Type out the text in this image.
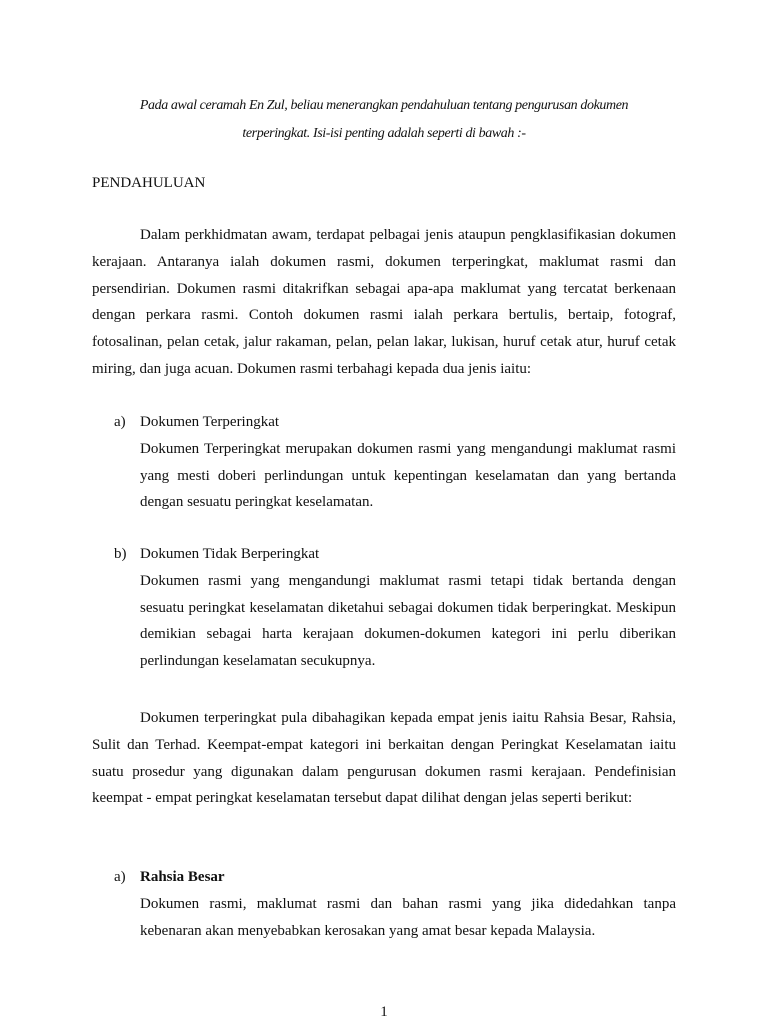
Pada awal ceramah En Zul, beliau menerangkan pendahuluan tentang pengurusan dokumen

terperingkat. Isi-isi penting adalah seperti di bawah :-

PENDAHULUAN

Dalam perkhidmatan awam, terdapat pelbagai jenis ataupun pengklasifikasian dokumen kerajaan. Antaranya ialah dokumen rasmi, dokumen terperingkat, maklumat rasmi dan persendirian. Dokumen rasmi ditakrifkan sebagai apa-apa maklumat yang tercatat berkenaan dengan perkara rasmi. Contoh dokumen rasmi ialah perkara bertulis, bertaip, fotograf, fotosalinan, pelan cetak, jalur rakaman, pelan, pelan lakar, lukisan, huruf cetak atur, huruf cetak miring, dan juga acuan. Dokumen rasmi terbahagi kepada dua jenis iaitu:

a) Dokumen Terperingkat

Dokumen Terperingkat merupakan dokumen rasmi yang mengandungi maklumat rasmi yang mesti doberi perlindungan untuk kepentingan keselamatan dan yang bertanda dengan sesuatu peringkat keselamatan.

b) Dokumen Tidak Berperingkat

Dokumen rasmi yang mengandungi maklumat rasmi tetapi tidak bertanda dengan sesuatu peringkat keselamatan diketahui sebagai dokumen tidak berperingkat. Meskipun demikian sebagai harta kerajaan dokumen-dokumen kategori ini perlu diberikan perlindungan keselamatan secukupnya.

Dokumen terperingkat pula dibahagikan kepada empat jenis iaitu Rahsia Besar, Rahsia, Sulit dan Terhad. Keempat-empat kategori ini berkaitan dengan Peringkat Keselamatan iaitu suatu prosedur yang digunakan dalam pengurusan dokumen rasmi kerajaan. Pendefinisian keempat - empat peringkat keselamatan tersebut dapat dilihat dengan jelas seperti berikut:

a) Rahsia Besar

Dokumen rasmi, maklumat rasmi dan bahan rasmi yang jika didedahkan tanpa kebenaran akan menyebabkan kerosakan yang amat besar kepada Malaysia.

1
